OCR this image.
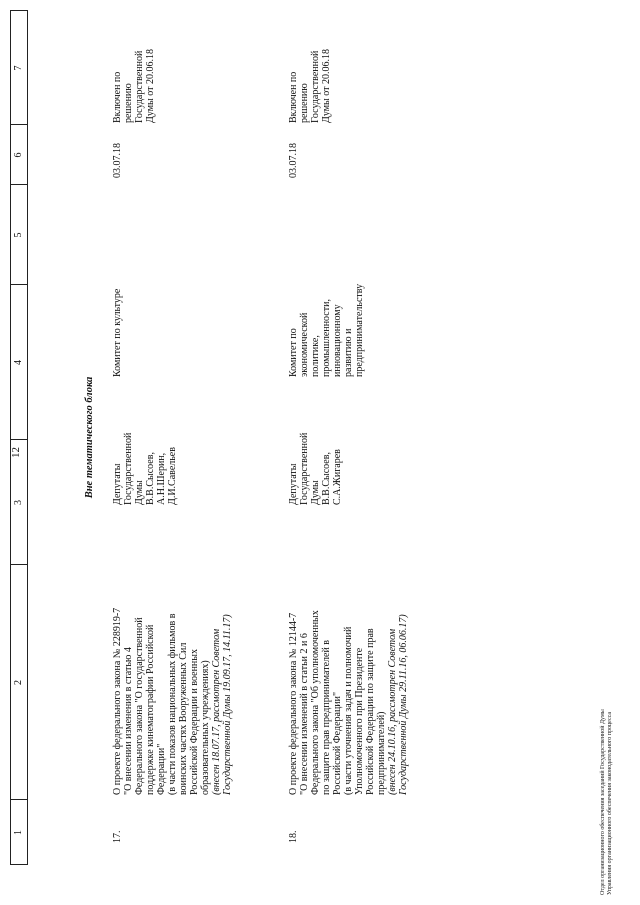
12
1
2
3
4
5
6
7
Вне тематического блока
17.
О проекте федерального закона № 228919-7
"О внесении изменения в статью 4
Федерального закона "О государственной
поддержке кинематографии Российской
Федерации"
(в части показов национальных фильмов в
воинских частях Вооруженных Сил
Российской Федерации и военных
образовательных учреждениях)
(внесен 18.07.17, рассмотрен Советом
Государственной Думы 19.09.17, 14.11.17)
Депутаты
Государственной
Думы
В.В.Сысоев,
А.Н.Шерин,
Д.И.Савельев
Комитет по культуре
03.07.18
Включен по
решению
Государственной
Думы от 20.06.18
18.
О проекте федерального закона № 12144-7
"О внесении изменений в статьи 2 и 6
Федерального закона "Об уполномоченных
по защите прав предпринимателей в
Российской Федерации"
(в части уточнения задач и полномочий
Уполномоченного при Президенте
Российской Федерации по защите прав
предпринимателей)
(внесен 24.10.16, рассмотрен Советом
Государственной Думы 29.11.16, 06.06.17)
Депутаты
Государственной
Думы
В.В.Сысоев,
С.А.Жигарев
Комитет по
экономической
политике,
промышленности,
инновационному
развитию и
предпринимательству
03.07.18
Включен по
решению
Государственной
Думы от 20.06.18
Отдел организационного обеспечения заседаний Государственной Думы Управления организационного обеспечения законодательного процесса
